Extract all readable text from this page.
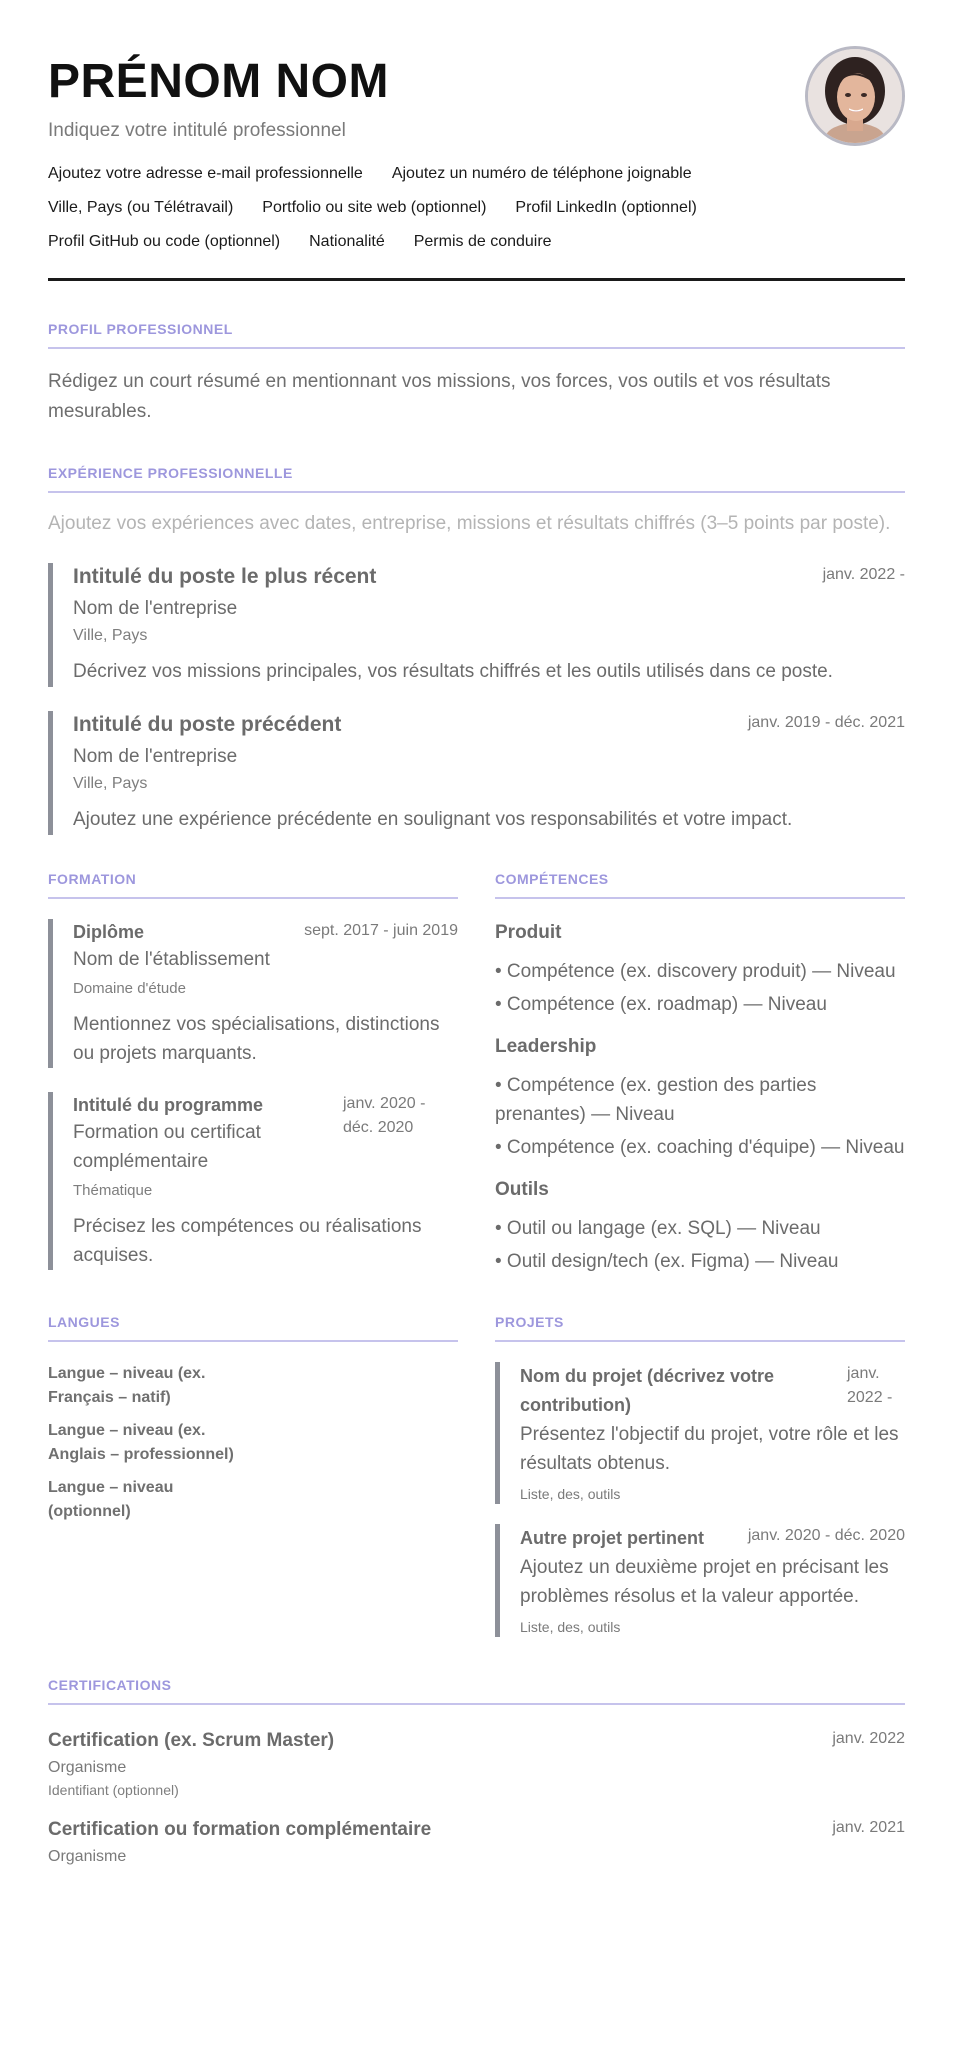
PRÉNOM NOM
Indiquez votre intitulé professionnel
Ajoutez votre adresse e-mail professionnelle Ajoutez un numéro de téléphone joignable
Ville, Pays (ou Télétravail) Portfolio ou site web (optionnel) Profil LinkedIn (optionnel)
Profil GitHub ou code (optionnel) Nationalité Permis de conduire
PROFIL PROFESSIONNEL
Rédigez un court résumé en mentionnant vos missions, vos forces, vos outils et vos résultats mesurables.
EXPÉRIENCE PROFESSIONNELLE
Ajoutez vos expériences avec dates, entreprise, missions et résultats chiffrés (3–5 points par poste).
Intitulé du poste le plus récent	janv. 2022 -
Nom de l'entreprise
Ville, Pays
Décrivez vos missions principales, vos résultats chiffrés et les outils utilisés dans ce poste.
Intitulé du poste précédent	janv. 2019 - déc. 2021
Nom de l'entreprise
Ville, Pays
Ajoutez une expérience précédente en soulignant vos responsabilités et votre impact.
FORMATION
Diplôme	sept. 2017 - juin 2019
Nom de l'établissement
Domaine d'étude
Mentionnez vos spécialisations, distinctions ou projets marquants.
Intitulé du programme	janv. 2020 - déc. 2020
Formation ou certificat complémentaire
Thématique
Précisez les compétences ou réalisations acquises.
COMPÉTENCES
Produit
• Compétence (ex. discovery produit) — Niveau
• Compétence (ex. roadmap) — Niveau
Leadership
• Compétence (ex. gestion des parties prenantes) — Niveau
• Compétence (ex. coaching d'équipe) — Niveau
Outils
• Outil ou langage (ex. SQL) — Niveau
• Outil design/tech (ex. Figma) — Niveau
LANGUES
Langue – niveau (ex. Français – natif)
Langue – niveau (ex. Anglais – professionnel)
Langue – niveau (optionnel)
PROJETS
Nom du projet (décrivez votre contribution)
janv. 2022 -
Présentez l'objectif du projet, votre rôle et les résultats obtenus.
Liste, des, outils
Autre projet pertinent	janv. 2020 - déc. 2020
Ajoutez un deuxième projet en précisant les problèmes résolus et la valeur apportée.
Liste, des, outils
CERTIFICATIONS
Certification (ex. Scrum Master)	janv. 2022
Organisme
Identifiant (optionnel)
Certification ou formation complémentaire	janv. 2021
Organisme
